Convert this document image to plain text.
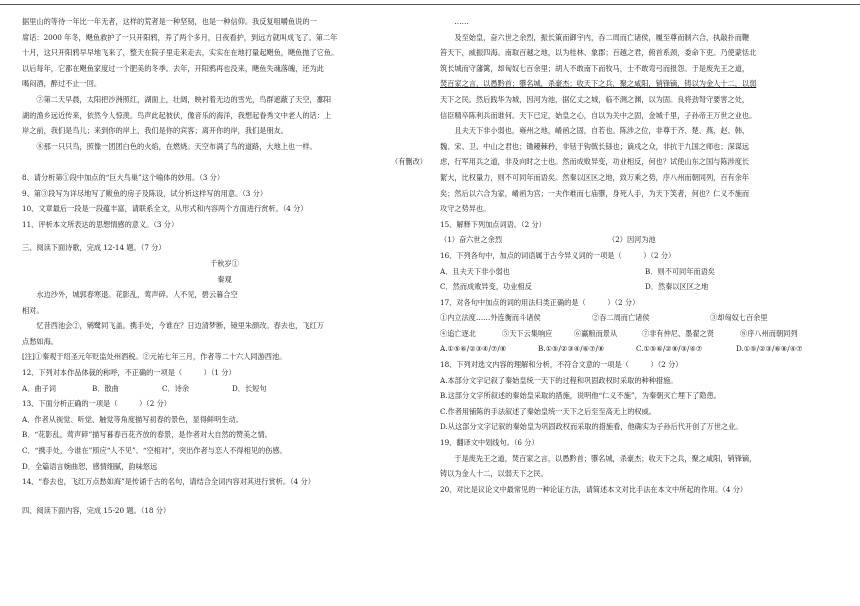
据里山的等待一年比一年无者，这样的荒者是一种坚韧，也是一种信仰。我反复咀嚼鱼说的一

席话：2000 年冬，飓鱼救护了一只开阳鸦，养了两个多月，日夜看护，到远方就叫成飞了。第二年

十月，这只开阳鸦早早地飞来了，整天在院子里走来走去，实实在在地打量起飓鱼，飓鱼抛了它鱼。

以后每年，它都在飓鱼家度过一个肥美的冬季。去年，开阳鸦再也没来，飓鱼失魂落魄，还为此

喝闷酒，醉过不止一回。

⑦第二天早晨，太阳把沙洲照红，湖面上，壮阔，映衬着无边的雪光，鸟群遮蔽了天空，鄱阳

湖的渔乡远近传来，依然今人惊羡。鸟声此起彼伏，像音乐的海洋，我想起眷秀文中老人的话：上

岸之前，我们是鸟儿；来到你的岸上，我们是你的宾客；离开你的岸，我们是朋友。

⑧那一只只鸟，照像一团团白色的火焰，在燃烧。天空布满了鸟的道路，大地上也一样。

（有删改）

8、请分析第①段中加点的“巨大鸟巢”这个喻体的妙用。（3 分）

9、第③段写为详尽地写了鲅鱼的房子及陈设，试分析这样写的用意。（3 分）

10、文章最后一段是一段蕴丰富，请联系全文，从形式和内容两个方面进行赏析。（4 分）

11、评析本文所表达的思想情感的意义。（3 分）

三、阅读下面诗歌，完成 12-14 题。（7 分）

千秋岁①

秦观

水边沙外，城郭春寒退。花影乱，莺声碎。人不见，碧云暮合空

相对。

忆昔西池会②，鹓鹭同飞盖。携手处，今谁在？日边清梦断，镜里朱颜改。春去也，飞红万

点愁如海。

[注]①秦观于绍圣元年贬监处州酒税。②元祐七年三月，作者等二十六人同游西池。

12、下列对本作品体裁的称呼，不正确的一项是（　　　）（1 分）

A．曲子词	B．散曲	C．诗余	D．长短句

13、下面分析正确的一项是（　　　）（2 分）

A．作者从视觉、听觉、触觉等角度描写初春的景色，显得鲜明生动。

B．“花影乱，莺声碎”描写暮春百花齐放的春景，是作者对大自然的赞美之情。

C．“携手处，今谁在”照应“人不见”、“空相对”，突出作者与恋人不得相见的伤感。

D．全篇语言婉曲恕，感情细腻，韵味悠远

14、“春去也，飞红万点愁如海”是传诵千古的名句，请结合全词内容对其进行赏析。（4 分）

四、阅读下面内容，完成 15-20 题。（18 分）

……

及至始皇，奋六世之余烈，振长策而御宇内，吞二周而亡诸侯，履至尊而制六合，执敲扑而鞭

笞天下，威振四海。南取百越之地，以为桂林、象郡；百越之君，俯首系颈，委命下吏。乃使蒙恬北

筑长城而守藩篱，却匈奴七百余里；胡人不敢南下而牧马，士不敢弯弓而报怨。于是废先王之道，

焚百家之言，以愚黔首；隳名城，杀豪杰；收天下之兵，聚之咸阳，销锋镝，铸以为金人十二，以弱

天下之民。然后践华为城，因河为池，据亿丈之城，临不测之渊，以为固。良将劲弩守要害之处，

信臣精卒陈利兵而谁何。天下已定，始皇之心，自以为关中之固，金城千里，子孙帝王万世之业也。

且夫天下非小弱也，雍州之地，崤函之固，自若也。陈涉之位，非尊于齐、楚、燕、赵、韩、

魏、宋、卫、中山之君也；锄耰棘矜，非铦于钩戟长铩也；谪戍之众，非抗于九国之师也；深谋远

虑，行军用兵之道，非及向时之士也。然而成败异变，功业相反，何也？试使山东之国与陈涉度长

絜大，比权量力，则不可同年而语矣。然秦以区区之地，致万乘之势，序八州而朝同列，百有余年

矣；然后以六合为家，崤函为宫；一夫作难而七庙隳，身死人手，为天下笑者，何也？仁义不施而

攻守之势异也。

15、解释下列加点词语。（2 分）

（1）奋六世之余烈	（2）因河为池

16、下列各句中，加点的词语属于古今异义词的一项是（　　　）（2 分）

A．且夫天下非小弱也	B．则不可同年而语矣

C．然而成败异变，功业相反	D．然秦以区区之地

17、对各句中加点的词的用法归类正确的是（　　　）（2 分）

①内立法度……外连衡而斗诸侯	②吞二周而亡诸侯	③却匈奴七百余里

④追亡逐北	⑤天下云集响应	⑥赢粮而景从	⑦非有仲尼、墨翟之贤	⑧序八州而朝同列

A.①⑤⑥/②③④/⑦/⑧	B.①⑤/②③④/⑥⑦/⑧	C.①⑤⑥/②⑧/③/④⑦	D.①⑤/②③/⑥⑧/④⑦

18、下列对选文内容的理解和分析，不符合文意的一项是（　　　）（2 分）

A.本部分文字记叙了秦始皇统一天下的过程和巩固政权时采取的种种措施。

B.这部分文字所叙述的秦始皇采取的措施，说明他“仁义不施”，为秦朝灭亡埋下了隐患。

C.作者用铺陈的手法叙述了秦始皇统一天下之后至至高无上的权威。

D.从这部分文字记叙的秦始皇为巩固政权而采取的措施看，他确实为子孙后代开创了万世之业。

19、翻译文中划线句。（6 分）

于是废先王之道，焚百家之言，以愚黔首；隳名城，杀豪杰；收天下之兵，聚之咸阳，销锋镝，

铸以为金人十二，以弱天下之民。

20、对比是议论文中最常见的一种论证方法，请简述本文对比手法在本文中所起的作用。（4 分）
